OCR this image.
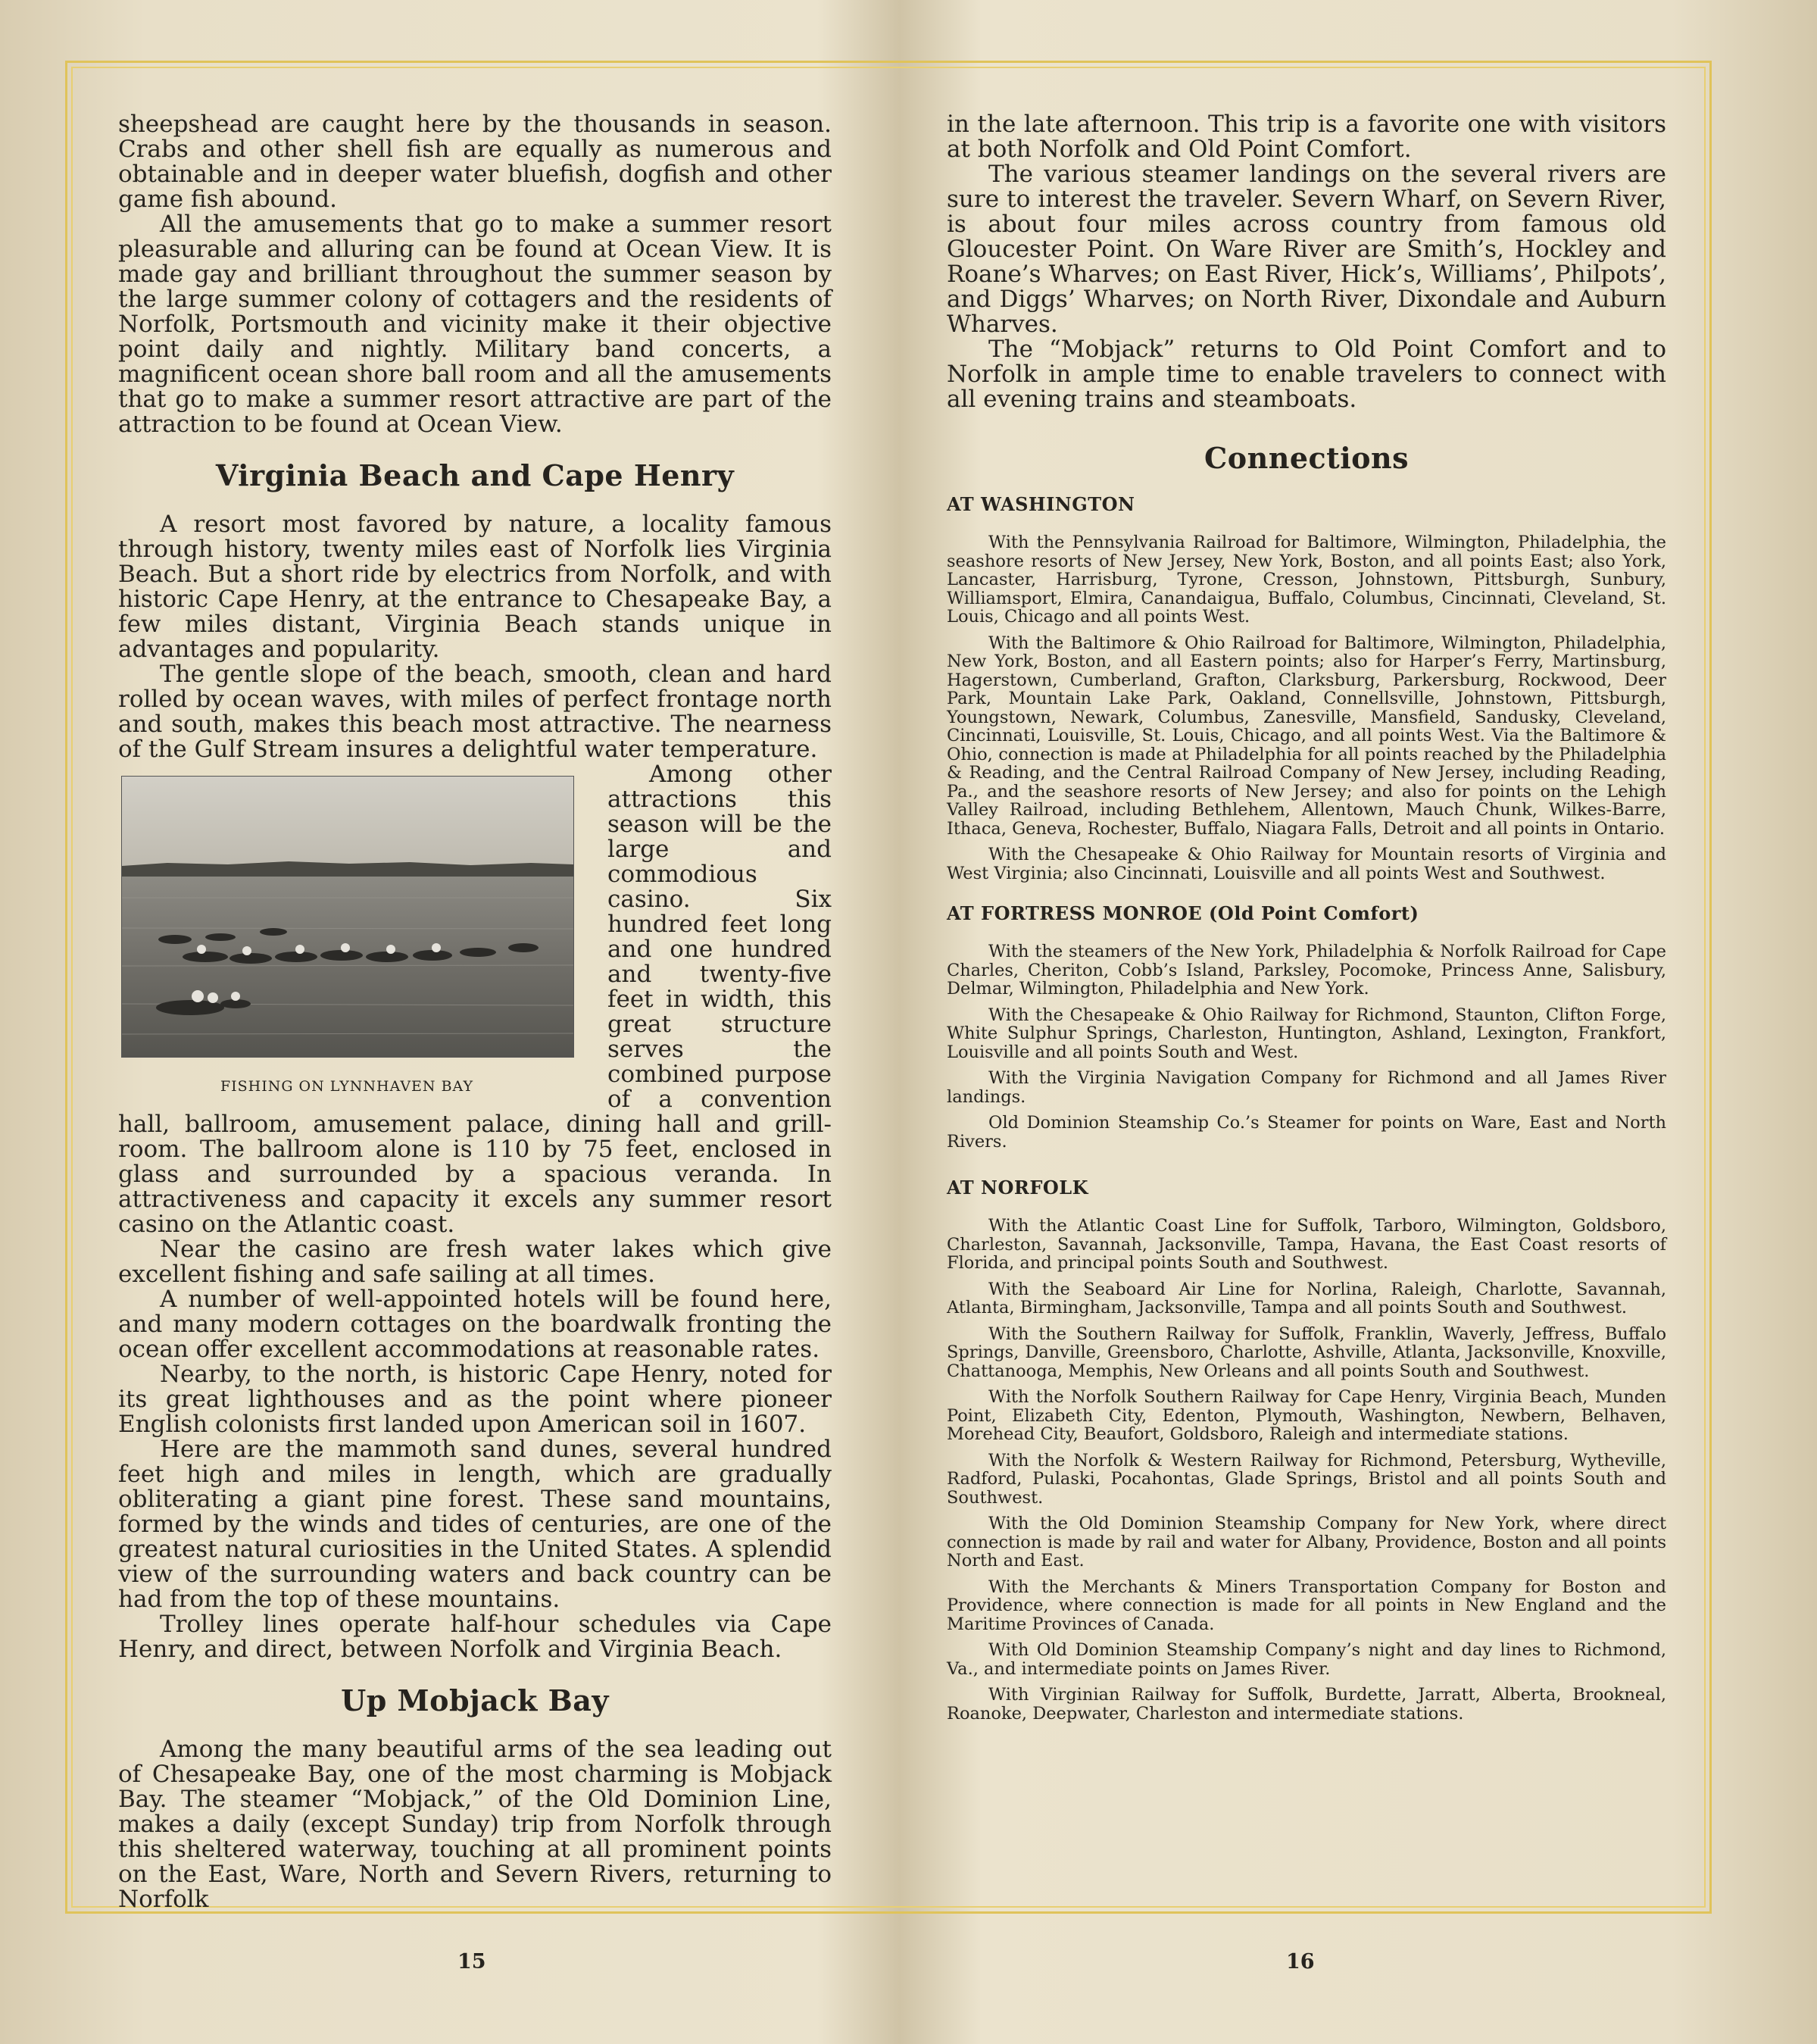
sheepshead are caught here by the thousands in season. Crabs and other shell fish are equally as numerous and obtainable and in deeper water bluefish, dogfish and other game fish abound.

All the amusements that go to make a summer resort pleasurable and alluring can be found at Ocean View. It is made gay and brilliant throughout the summer season by the large summer colony of cottagers and the residents of Norfolk, Portsmouth and vicinity make it their objective point daily and nightly. Military band concerts, a magnificent ocean shore ball room and all the amusements that go to make a summer resort attractive are part of the attraction to be found at Ocean View.

Virginia Beach and Cape Henry

A resort most favored by nature, a locality famous through history, twenty miles east of Norfolk lies Virginia Beach. But a short ride by electrics from Norfolk, and with historic Cape Henry, at the entrance to Chesapeake Bay, a few miles distant, Virginia Beach stands unique in advantages and popularity.

The gentle slope of the beach, smooth, clean and hard rolled by ocean waves, with miles of perfect frontage north and south, makes this beach most attractive. The nearness of the Gulf Stream insures a delightful water temperature.

FISHING ON LYNNHAVEN BAY

Among other attractions this season will be the large and commodious casino. Six hundred feet long and one hundred and twenty-five feet in width, this great structure serves the combined purpose of a convention hall, ballroom, amusement palace, dining hall and grill-room. The ballroom alone is 110 by 75 feet, enclosed in glass and surrounded by a spacious veranda. In attractiveness and capacity it excels any summer resort casino on the Atlantic coast.

Near the casino are fresh water lakes which give excellent fishing and safe sailing at all times.

A number of well-appointed hotels will be found here, and many modern cottages on the boardwalk fronting the ocean offer excellent accommodations at reasonable rates.

Nearby, to the north, is historic Cape Henry, noted for its great lighthouses and as the point where pioneer English colonists first landed upon American soil in 1607.

Here are the mammoth sand dunes, several hundred feet high and miles in length, which are gradually obliterating a giant pine forest. These sand mountains, formed by the winds and tides of centuries, are one of the greatest natural curiosities in the United States. A splendid view of the surrounding waters and back country can be had from the top of these mountains.

Trolley lines operate half-hour schedules via Cape Henry, and direct, between Norfolk and Virginia Beach.

Up Mobjack Bay

Among the many beautiful arms of the sea leading out of Chesapeake Bay, one of the most charming is Mobjack Bay. The steamer “Mobjack,” of the Old Dominion Line, makes a daily (except Sunday) trip from Norfolk through this sheltered waterway, touching at all prominent points on the East, Ware, North and Severn Rivers, returning to Norfolk

15

in the late afternoon. This trip is a favorite one with visitors at both Norfolk and Old Point Comfort.

The various steamer landings on the several rivers are sure to interest the traveler. Severn Wharf, on Severn River, is about four miles across country from famous old Gloucester Point. On Ware River are Smith’s, Hockley and Roane’s Wharves; on East River, Hick’s, Williams’, Philpots’, and Diggs’ Wharves; on North River, Dixondale and Auburn Wharves.

The “Mobjack” returns to Old Point Comfort and to Norfolk in ample time to enable travelers to connect with all evening trains and steamboats.

Connections
AT WASHINGTON

With the Pennsylvania Railroad for Baltimore, Wilmington, Philadelphia, the seashore resorts of New Jersey, New York, Boston, and all points East; also York, Lancaster, Harrisburg, Tyrone, Cresson, Johnstown, Pittsburgh, Sunbury, Williamsport, Elmira, Canandaigua, Buffalo, Columbus, Cincinnati, Cleveland, St. Louis, Chicago and all points West.

With the Baltimore & Ohio Railroad for Baltimore, Wilmington, Philadelphia, New York, Boston, and all Eastern points; also for Harper’s Ferry, Martinsburg, Hagerstown, Cumberland, Grafton, Clarksburg, Parkersburg, Rockwood, Deer Park, Mountain Lake Park, Oakland, Connellsville, Johnstown, Pittsburgh, Youngstown, Newark, Columbus, Zanesville, Mansfield, Sandusky, Cleveland, Cincinnati, Louisville, St. Louis, Chicago, and all points West. Via the Baltimore & Ohio, connection is made at Philadelphia for all points reached by the Philadelphia & Reading, and the Central Railroad Company of New Jersey, including Reading, Pa., and the seashore resorts of New Jersey; and also for points on the Lehigh Valley Railroad, including Bethlehem, Allentown, Mauch Chunk, Wilkes-Barre, Ithaca, Geneva, Rochester, Buffalo, Niagara Falls, Detroit and all points in Ontario.

With the Chesapeake & Ohio Railway for Mountain resorts of Virginia and West Virginia; also Cincinnati, Louisville and all points West and Southwest.

AT FORTRESS MONROE (Old Point Comfort)

With the steamers of the New York, Philadelphia & Norfolk Railroad for Cape Charles, Cheriton, Cobb’s Island, Parksley, Pocomoke, Princess Anne, Salisbury, Delmar, Wilmington, Philadelphia and New York.

With the Chesapeake & Ohio Railway for Richmond, Staunton, Clifton Forge, White Sulphur Springs, Charleston, Huntington, Ashland, Lexington, Frankfort, Louisville and all points South and West.

With the Virginia Navigation Company for Richmond and all James River landings.

Old Dominion Steamship Co.’s Steamer for points on Ware, East and North Rivers.

AT NORFOLK

With the Atlantic Coast Line for Suffolk, Tarboro, Wilmington, Goldsboro, Charleston, Savannah, Jacksonville, Tampa, Havana, the East Coast resorts of Florida, and principal points South and Southwest.

With the Seaboard Air Line for Norlina, Raleigh, Charlotte, Savannah, Atlanta, Birmingham, Jacksonville, Tampa and all points South and Southwest.

With the Southern Railway for Suffolk, Franklin, Waverly, Jeffress, Buffalo Springs, Danville, Greensboro, Charlotte, Ashville, Atlanta, Jacksonville, Knoxville, Chattanooga, Memphis, New Orleans and all points South and Southwest.

With the Norfolk Southern Railway for Cape Henry, Virginia Beach, Munden Point, Elizabeth City, Edenton, Plymouth, Washington, Newbern, Belhaven, Morehead City, Beaufort, Goldsboro, Raleigh and intermediate stations.

With the Norfolk & Western Railway for Richmond, Petersburg, Wytheville, Radford, Pulaski, Pocahontas, Glade Springs, Bristol and all points South and Southwest.

With the Old Dominion Steamship Company for New York, where direct connection is made by rail and water for Albany, Providence, Boston and all points North and East.

With the Merchants & Miners Transportation Company for Boston and Providence, where connection is made for all points in New England and the Maritime Provinces of Canada.

With Old Dominion Steamship Company’s night and day lines to Richmond, Va., and intermediate points on James River.

With Virginian Railway for Suffolk, Burdette, Jarratt, Alberta, Brookneal, Roanoke, Deepwater, Charleston and intermediate stations.

16
